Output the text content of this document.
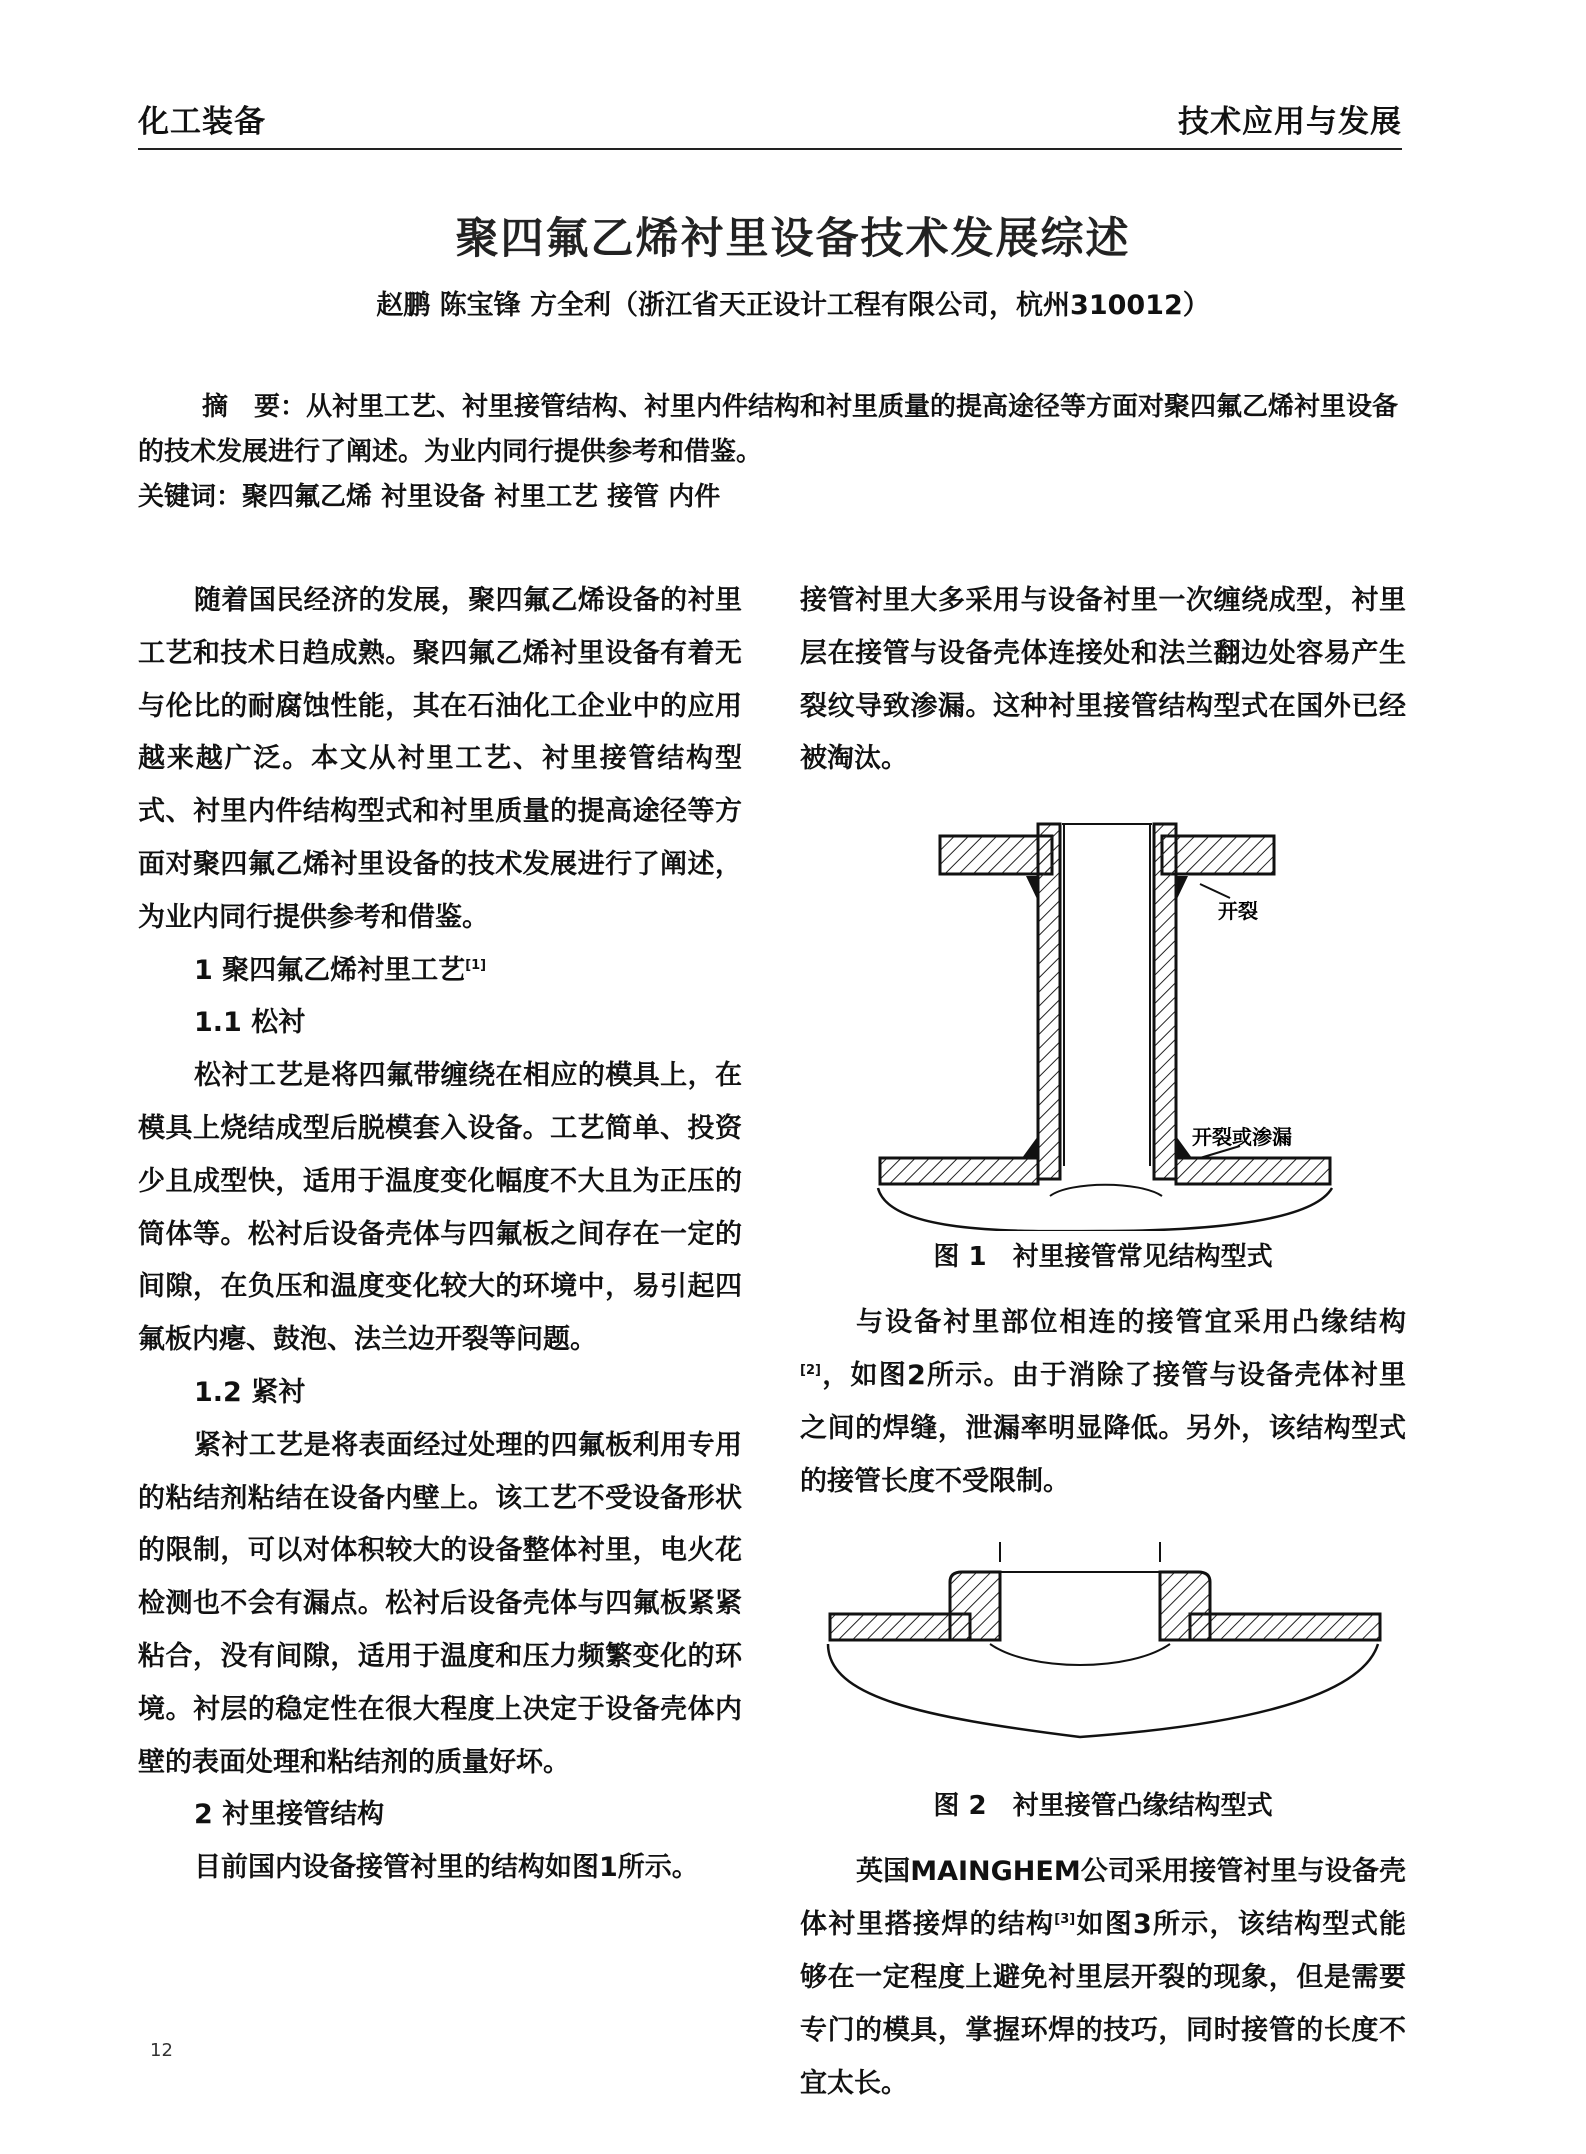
化工装备	技术应用与发展
聚四氟乙烯衬里设备技术发展综述
赵鹏 陈宝锋 方全利（浙江省天正设计工程有限公司，杭州310012）

摘　要：从衬里工艺、衬里接管结构、衬里内件结构和衬里质量的提高途径等方面对聚四氟乙烯衬里设备的技术发展进行了阐述。为业内同行提供参考和借鉴。

关键词：聚四氟乙烯 衬里设备 衬里工艺 接管 内件

随着国民经济的发展，聚四氟乙烯设备的衬里工艺和技术日趋成熟。聚四氟乙烯衬里设备有着无与伦比的耐腐蚀性能，其在石油化工企业中的应用越来越广泛。本文从衬里工艺、衬里接管结构型式、衬里内件结构型式和衬里质量的提高途径等方面对聚四氟乙烯衬里设备的技术发展进行了阐述，为业内同行提供参考和借鉴。

1 聚四氟乙烯衬里工艺[1]

1.1 松衬

松衬工艺是将四氟带缠绕在相应的模具上，在模具上烧结成型后脱模套入设备。工艺简单、投资少且成型快，适用于温度变化幅度不大且为正压的筒体等。松衬后设备壳体与四氟板之间存在一定的间隙，在负压和温度变化较大的环境中，易引起四氟板内瘪、鼓泡、法兰边开裂等问题。

1.2 紧衬

紧衬工艺是将表面经过处理的四氟板利用专用的粘结剂粘结在设备内壁上。该工艺不受设备形状的限制，可以对体积较大的设备整体衬里，电火花检测也不会有漏点。松衬后设备壳体与四氟板紧紧粘合，没有间隙，适用于温度和压力频繁变化的环境。衬层的稳定性在很大程度上决定于设备壳体内壁的表面处理和粘结剂的质量好坏。

2 衬里接管结构

目前国内设备接管衬里的结构如图1所示。

接管衬里大多采用与设备衬里一次缠绕成型，衬里层在接管与设备壳体连接处和法兰翻边处容易产生裂纹导致渗漏。这种衬里接管结构型式在国外已经被淘汰。

开裂
开裂或渗漏
图 1　衬里接管常见结构型式

与设备衬里部位相连的接管宜采用凸缘结构[2]，如图2所示。由于消除了接管与设备壳体衬里之间的焊缝，泄漏率明显降低。另外，该结构型式的接管长度不受限制。

图 2　衬里接管凸缘结构型式

英国MAINGHEM公司采用接管衬里与设备壳体衬里搭接焊的结构[3]如图3所示，该结构型式能够在一定程度上避免衬里层开裂的现象，但是需要专门的模具，掌握环焊的技巧，同时接管的长度不宜太长。

12
